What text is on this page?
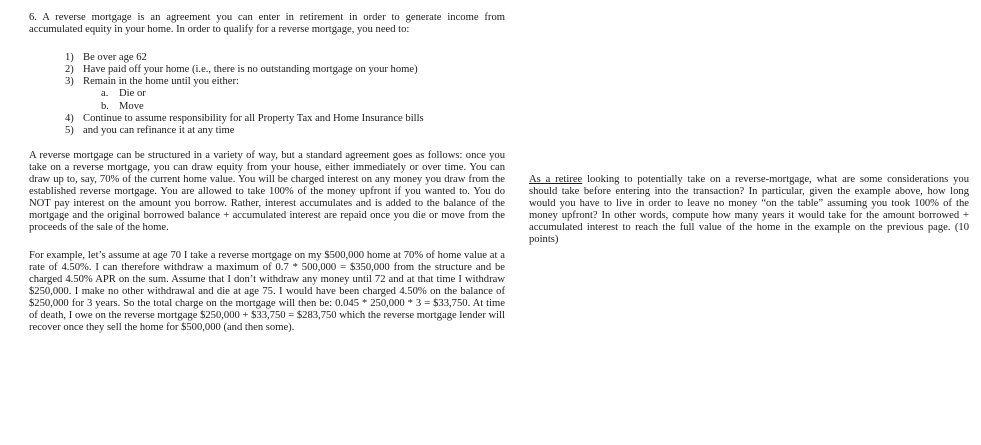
6. A reverse mortgage is an agreement you can enter in retirement in order to generate income from accumulated equity in your home. In order to qualify for a reverse mortgage, you need to:

1) Be over age 62
2) Have paid off your home (i.e., there is no outstanding mortgage on your home)
3) Remain in the home until you either:
a. Die or
b. Move
4) Continue to assume responsibility for all Property Tax and Home Insurance bills
5) and you can refinance it at any time

A reverse mortgage can be structured in a variety of way, but a standard agreement goes as follows: once you take on a reverse mortgage, you can draw equity from your house, either immediately or over time. You can draw up to, say, 70% of the current home value. You will be charged interest on any money you draw from the established reverse mortgage. You are allowed to take 100% of the money upfront if you wanted to. You do NOT pay interest on the amount you borrow. Rather, interest accumulates and is added to the balance of the mortgage and the original borrowed balance + accumulated interest are repaid once you die or move from the proceeds of the sale of the home.

For example, let’s assume at age 70 I take a reverse mortgage on my $500,000 home at 70% of home value at a rate of 4.50%. I can therefore withdraw a maximum of 0.7 * 500,000 = $350,000 from the structure and be charged 4.50% APR on the sum. Assume that I don’t withdraw any money until 72 and at that time I withdraw $250,000. I make no other withdrawal and die at age 75. I would have been charged 4.50% on the balance of $250,000 for 3 years. So the total charge on the mortgage will then be: 0.045 * 250,000 * 3 = $33,750. At time of death, I owe on the reverse mortgage $250,000 + $33,750 = $283,750 which the reverse mortgage lender will recover once they sell the home for $500,000 (and then some).

As a retiree looking to potentially take on a reverse-mortgage, what are some considerations you should take before entering into the transaction? In particular, given the example above, how long would you have to live in order to leave no money “on the table” assuming you took 100% of the money upfront? In other words, compute how many years it would take for the amount borrowed + accumulated interest to reach the full value of the home in the example on the previous page. (10 points)
